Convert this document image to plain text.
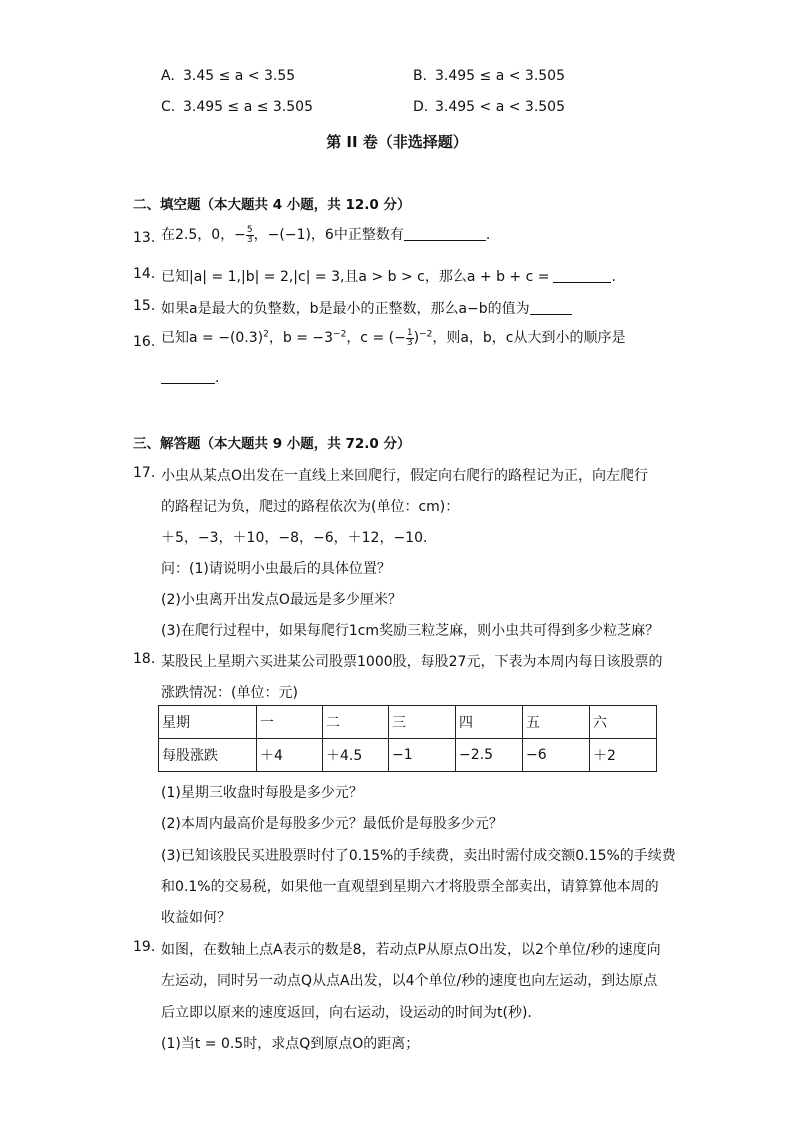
A. 3.45 ≤ a < 3.55	B. 3.495 ≤ a < 3.505
C. 3.495 ≤ a ≤ 3.505	D. 3.495 < a < 3.505
第 II 卷（非选择题）
二、填空题（本大题共 4 小题，共 12.0 分）
13. 在2.5，0，− $\frac{5}{3}$ ，−(−1)，6中正整数有	.
14. 已知|a| = 1,|b| = 2,|c| = 3,且a > b > c，那么a + b + c =	.
15. 如果a是最大的负整数，b是最小的正整数，那么a−b的值为
16. 已知$a = -(0.3)^2$，$b = -3^{-2}$，c = (− $\frac{1}{3} )^{-2}$，则a，b，c从大到小的顺序是
.
三、解答题（本大题共 9 小题，共 72.0 分）
17. 小虫从某点O出发在一直线上来回爬行，假定向右爬行的路程记为正，向左爬行
的路程记为负，爬过的路程依次为(单位：cm)：
＋5，−3，＋10，−8，−6，＋12，−10.
问：(1)请说明小虫最后的具体位置？
(2)小虫离开出发点O最远是多少厘米？
(3)在爬行过程中，如果每爬行1cm奖励三粒芝麻，则小虫共可得到多少粒芝麻？
18. 某股民上星期六买进某公司股票1000股，每股27元，下表为本周内每日该股票的
涨跌情况：(单位：元)
星期	一	二	三	四	五	六
每股涨跌	＋4	＋4.5	−1	−2.5	−6	＋2
(1)星期三收盘时每股是多少元？
(2)本周内最高价是每股多少元？最低价是每股多少元？
(3)已知该股民买进股票时付了0.15%的手续费，卖出时需付成交额0.15%的手续费
和0.1%的交易税，如果他一直观望到星期六才将股票全部卖出，请算算他本周的
收益如何？
19. 如图，在数轴上点A表示的数是8，若动点P从原点O出发，以2个单位/秒的速度向
左运动，同时另一动点Q从点A出发，以4个单位/秒的速度也向左运动，到达原点
后立即以原来的速度返回，向右运动，设运动的时间为t(秒)．
(1)当t = 0.5时，求点Q到原点O的距离；
